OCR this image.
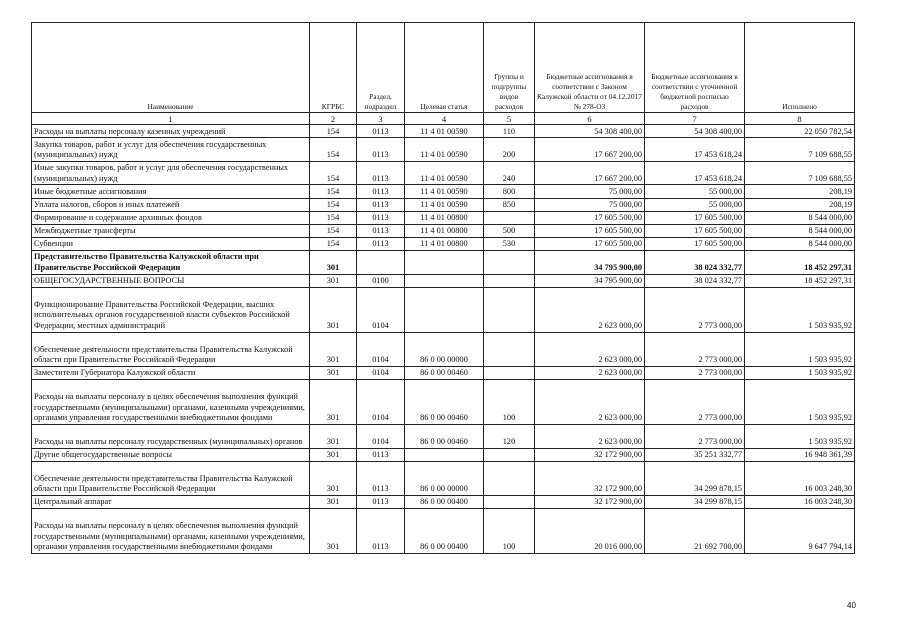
Наименование	КГРБС	Раздел, подраздел	Целевая статья	Группы и подгруппы видов расходов	Бюджетные ассигнования в соответствии с Законом Калужской области от 04.12.2017 № 278-ОЗ	Бюджетные ассигнования в соответствии с уточненной бюджетной росписью расходов	Исполнено
1	2	3	4	5	6	7	8
Расходы на выплаты персоналу казенных учреждений	154	0113	11 4 01 00590	110	54 308 400,00	54 308 400,00	22 050 782,54
Закупка товаров, работ и услуг для обеспечения государственных (муниципальных) нужд	154	0113	11 4 01 00590	200	17 667 200,00	17 453 618,24	7 109 688,55
Иные закупки товаров, работ и услуг для обеспечения государственных (муниципальных) нужд	154	0113	11 4 01 00590	240	17 667 200,00	17 453 618,24	7 109 688,55
Иные бюджетные ассигнования	154	0113	11 4 01 00590	800	75 000,00	55 000,00	208,19
Уплата налогов, сборов и иных платежей	154	0113	11 4 01 00590	850	75 000,00	55 000,00	208,19
Формирование и содержание архивных фондов	154	0113	11 4 01 00800		17 605 500,00	17 605 500,00	8 544 000,00
Межбюджетные трансферты	154	0113	11 4 01 00800	500	17 605 500,00	17 605 500,00	8 544 000,00
Субвенции	154	0113	11 4 01 00800	530	17 605 500,00	17 605 500,00	8 544 000,00
Представительство Правительства Калужской области при Правительстве Российской Федерации	301				34 795 900,00	38 024 332,77	18 452 297,31
ОБЩЕГОСУДАРСТВЕННЫЕ ВОПРОСЫ	301	0100			34 795 900,00	38 024 332,77	18 452 297,31
Функционирование Правительства Российской Федерации, высших исполнительных органов государственной власти субъектов Российской Федерации, местных администраций	301	0104			2 623 000,00	2 773 000,00	1 503 935,92
Обеспечение деятельности представительства Правительства Калужской области при Правительстве Российской Федерации	301	0104	86 0 00 00000		2 623 000,00	2 773 000,00	1 503 935,92
Заместители Губернатора Калужской области	301	0104	86 0 00 00460		2 623 000,00	2 773 000,00	1 503 935,92
Расходы на выплаты персоналу в целях обеспечения выполнения функций государственными (муниципальными) органами, казенными учреждениями, органами управления государственными внебюджетными фондами	301	0104	86 0 00 00460	100	2 623 000,00	2 773 000,00	1 503 935,92
Расходы на выплаты персоналу государственных (муниципальных) органов	301	0104	86 0 00 00460	120	2 623 000,00	2 773 000,00	1 503 935,92
Другие общегосударственные вопросы	301	0113			32 172 900,00	35 251 332,77	16 948 361,39
Обеспечение деятельности представительства Правительства Калужской области при Правительстве Российской Федерации	301	0113	86 0 00 00000		32 172 900,00	34 299 878,15	16 003 248,30
Центральный аппарат	301	0113	86 0 00 00400		32 172 900,00	34 299 878,15	16 003 248,30
Расходы на выплаты персоналу в целях обеспечения выполнения функций государственными (муниципальными) органами, казенными учреждениями, органами управления государственными внебюджетными фондами	301	0113	86 0 00 00400	100	20 016 000,00	21 692 700,00	9 647 794,14
40
